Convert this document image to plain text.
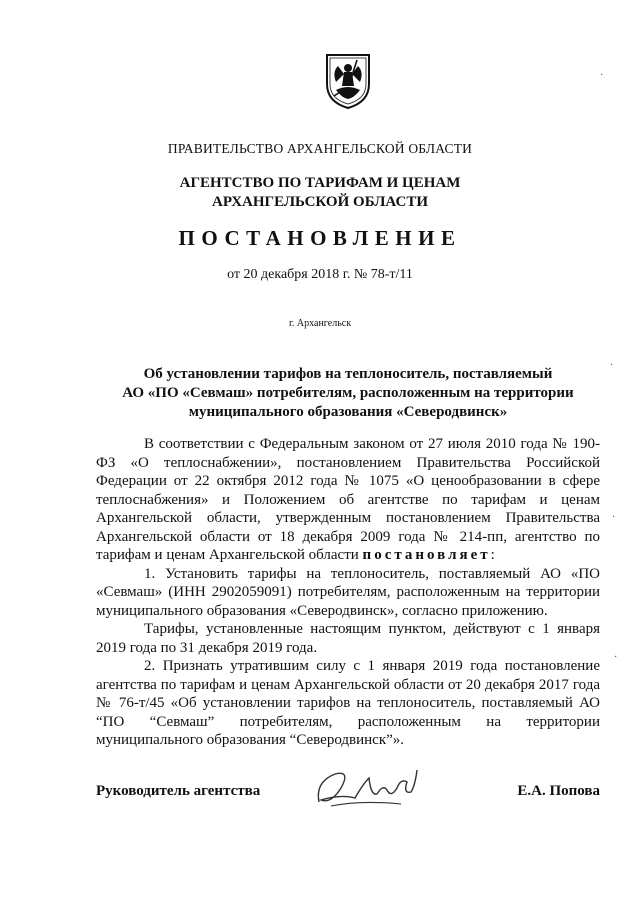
ПРАВИТЕЛЬСТВО АРХАНГЕЛЬСКОЙ ОБЛАСТИ
АГЕНТСТВО ПО ТАРИФАМ И ЦЕНАМ
АРХАНГЕЛЬСКОЙ ОБЛАСТИ
ПОСТАНОВЛЕНИЕ
от 20 декабря 2018 г. № 78-т/11
г. Архангельск
Об установлении тарифов на теплоноситель, поставляемый
АО «ПО «Севмаш» потребителям, расположенным на территории
муниципального образования «Северодвинск»

В соответствии с Федеральным законом от 27 июля 2010 года № 190-ФЗ «О теплоснабжении», постановлением Правительства Российской Федерации от 22 октября 2012 года № 1075 «О ценообразовании в сфере теплоснабжения» и Положением об агентстве по тарифам и ценам Архангельской области, утвержденным постановлением Правительства Архангельской области от 18 декабря 2009 года № 214-пп, агентство по тарифам и ценам Архангельской области постановляет:

1. Установить тарифы на теплоноситель, поставляемый АО «ПО «Севмаш» (ИНН 2902059091) потребителям, расположенным на территории муниципального образования «Северодвинск», согласно приложению.

Тарифы, установленные настоящим пунктом, действуют с 1 января 2019 года по 31 декабря 2019 года.

2. Признать утратившим силу с 1 января 2019 года постановление агентства по тарифам и ценам Архангельской области от 20 декабря 2017 года № 76-т/45 «Об установлении тарифов на теплоноситель, поставляемый АО “ПО “Севмаш” потребителям, расположенным на территории муниципального образования “Северодвинск”».

Руководитель агентства	Е.А. Попова
·
·
·
·
